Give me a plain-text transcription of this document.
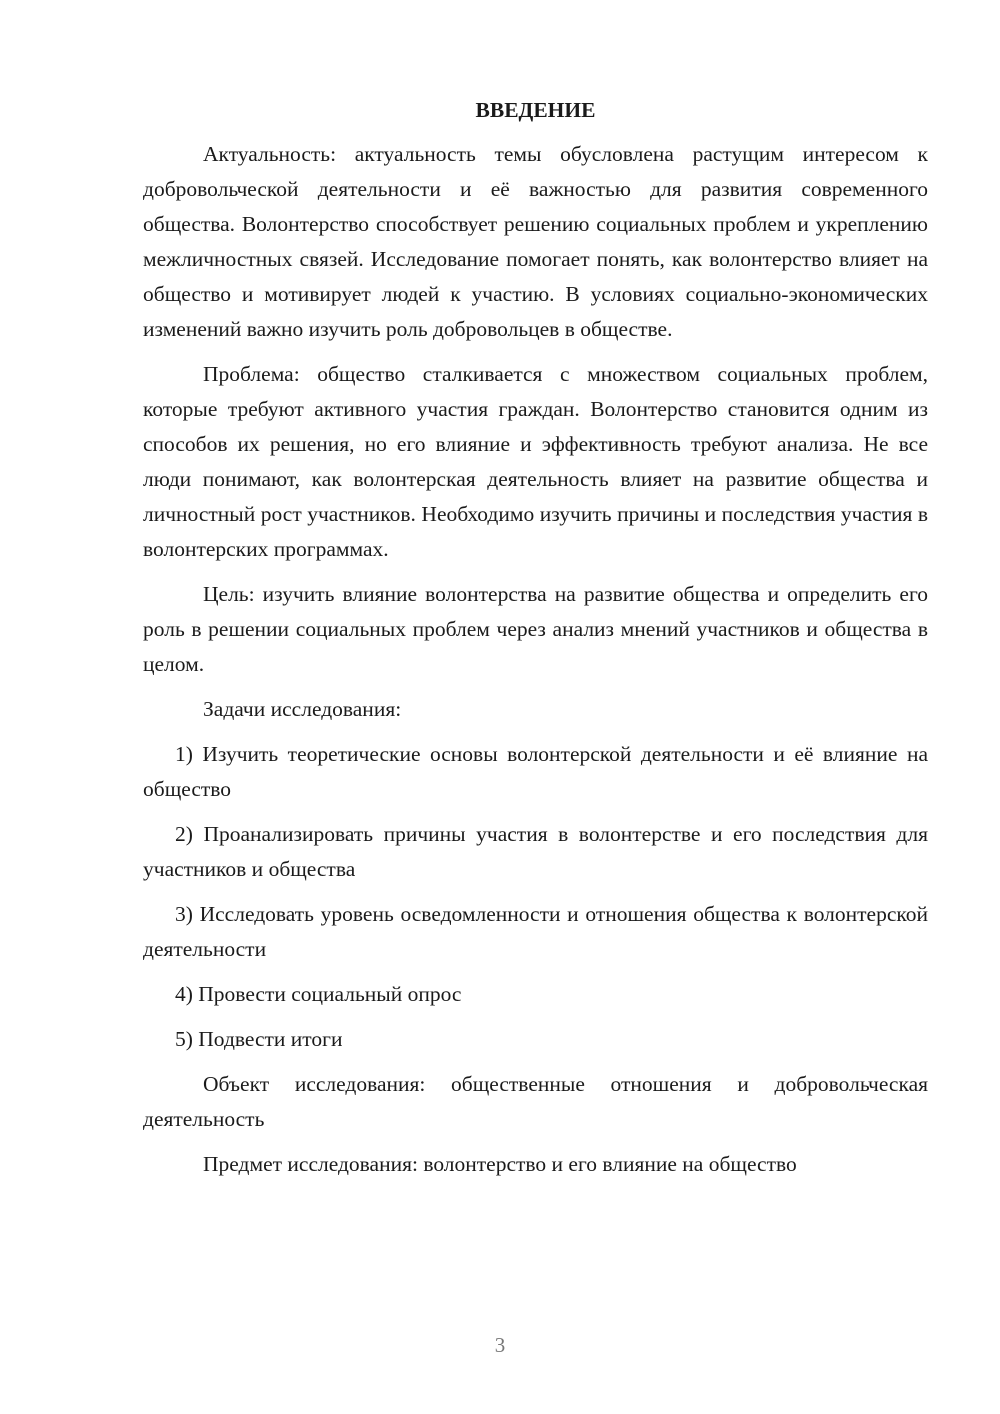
ВВЕДЕНИЕ

Актуальность: актуальность темы обусловлена растущим интересом к добровольческой деятельности и её важностью для развития современного общества. Волонтерство способствует решению социальных проблем и укреплению межличностных связей. Исследование помогает понять, как волонтерство влияет на общество и мотивирует людей к участию. В условиях социально-экономических изменений важно изучить роль добровольцев в обществе.

Проблема: общество сталкивается с множеством социальных проблем, которые требуют активного участия граждан. Волонтерство становится одним из способов их решения, но его влияние и эффективность требуют анализа. Не все люди понимают, как волонтерская деятельность влияет на развитие общества и личностный рост участников. Необходимо изучить причины и последствия участия в волонтерских программах.

Цель: изучить влияние волонтерства на развитие общества и определить его роль в решении социальных проблем через анализ мнений участников и общества в целом.

Задачи исследования:

1) Изучить теоретические основы волонтерской деятельности и её влияние на общество

2) Проанализировать причины участия в волонтерстве и его последствия для участников и общества

3) Исследовать уровень осведомленности и отношения общества к волонтерской деятельности

4) Провести социальный опрос

5) Подвести итоги

Объект исследования: общественные отношения и добровольческая деятельность

Предмет исследования: волонтерство и его влияние на общество

3
